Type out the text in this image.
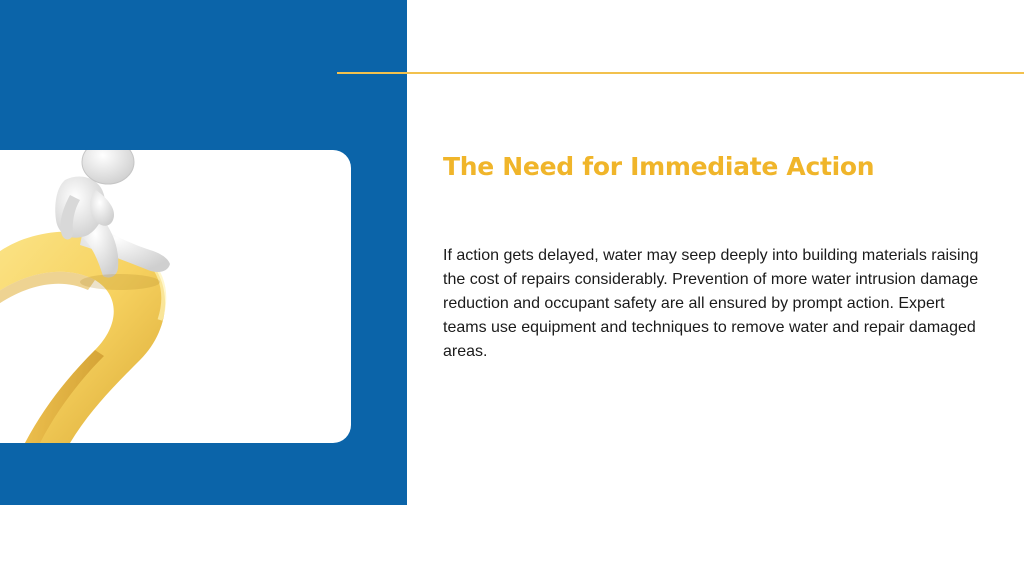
The Need for Immediate Action

If action gets delayed, water may seep deeply into building materials raising the cost of repairs considerably. Prevention of more water intrusion damage reduction and occupant safety are all ensured by prompt action. Expert teams use equipment and techniques to remove water and repair damaged areas.
